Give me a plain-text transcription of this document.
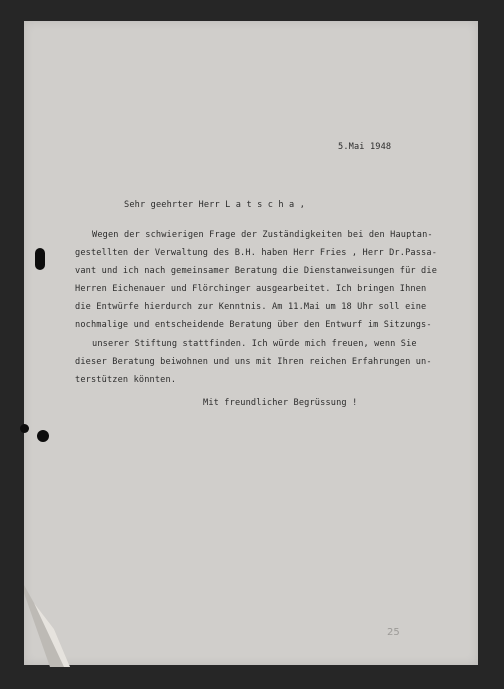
5.Mai 1948
Sehr geehrter Herr L a t s c h a ,
Wegen der schwierigen Frage der Zuständigkeiten bei den Hauptan-
gestellten der Verwaltung des B.H. haben Herr Fries , Herr Dr.Passa-
vant und ich nach gemeinsamer Beratung die Dienstanweisungen für die
Herren Eichenauer und Flörchinger ausgearbeitet. Ich bringen Ihnen
die Entwürfe hierdurch zur Kenntnis. Am 11.Mai um 18 Uhr soll eine
nochmalige und entscheidende Beratung über den Entwurf im Sitzungs-
unserer Stiftung stattfinden. Ich würde mich freuen, wenn Sie
dieser Beratung beiwohnen und uns mit Ihren reichen Erfahrungen un-
terstützen könnten.
Mit freundlicher Begrüssung !
25
